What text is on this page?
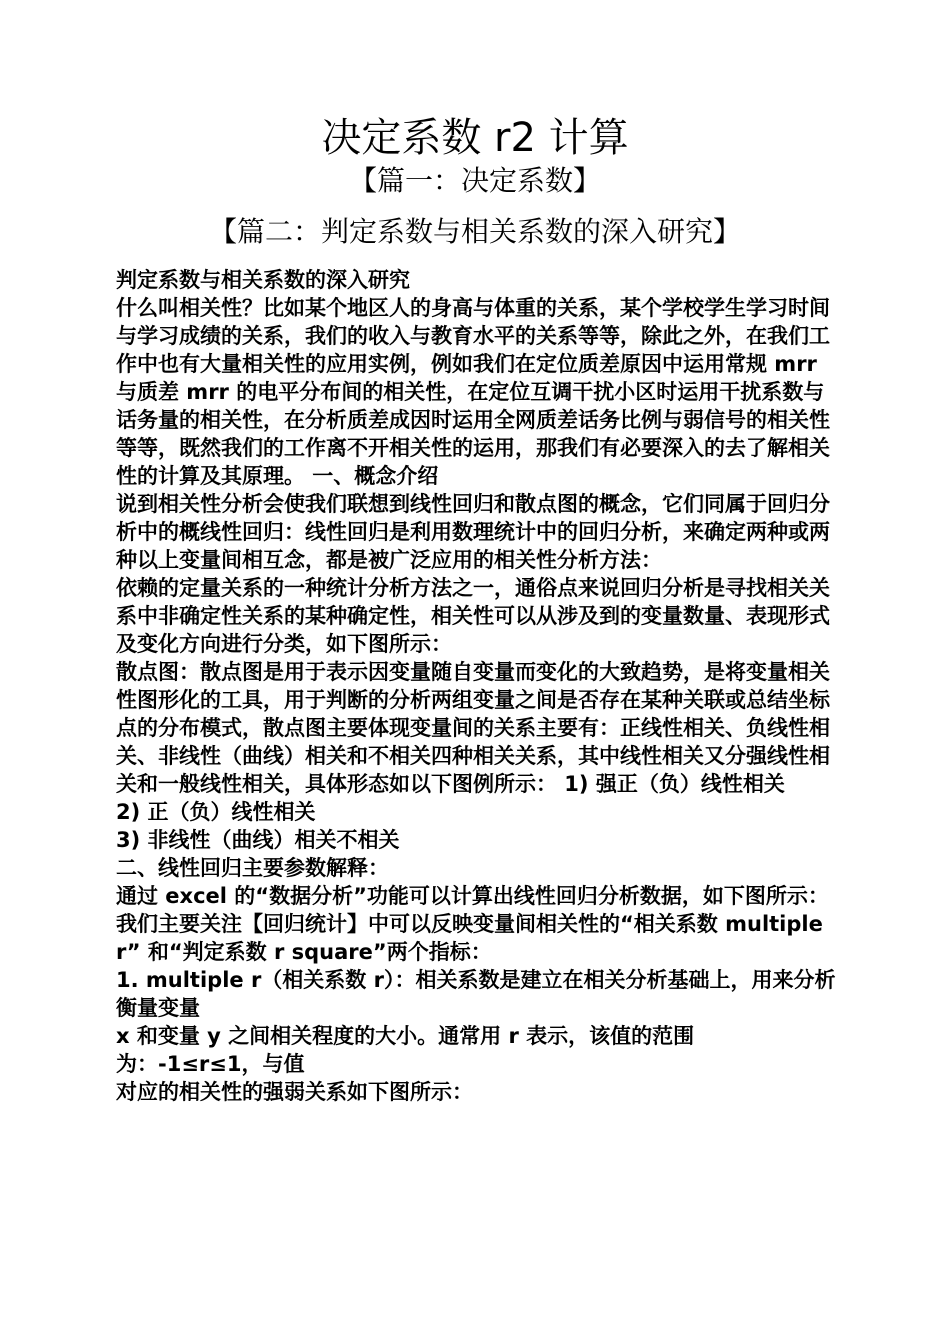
决定系数 r2 计算
【篇一：决定系数】
【篇二：判定系数与相关系数的深入研究】

判定系数与相关系数的深入研究

什么叫相关性？比如某个地区人的身高与体重的关系，某个学校学生学习时间与学习成绩的关系，我们的收入与教育水平的关系等等，除此之外，在我们工作中也有大量相关性的应用实例，例如我们在定位质差原因中运用常规 mrr 与质差 mrr 的电平分布间的相关性，在定位互调干扰小区时运用干扰系数与话务量的相关性，在分析质差成因时运用全网质差话务比例与弱信号的相关性等等，既然我们的工作离不开相关性的运用，那我们有必要深入的去了解相关性的计算及其原理。 一、概念介绍

说到相关性分析会使我们联想到线性回归和散点图的概念，它们同属于回归分析中的概线性回归：线性回归是利用数理统计中的回归分析，来确定两种或两种以上变量间相互念，都是被广泛应用的相关性分析方法：

依赖的定量关系的一种统计分析方法之一，通俗点来说回归分析是寻找相关关系中非确定性关系的某种确定性，相关性可以从涉及到的变量数量、表现形式及变化方向进行分类，如下图所示：

散点图：散点图是用于表示因变量随自变量而变化的大致趋势，是将变量相关性图形化的工具，用于判断的分析两组变量之间是否存在某种关联或总结坐标点的分布模式，散点图主要体现变量间的关系主要有：正线性相关、负线性相关、非线性（曲线）相关和不相关四种相关关系，其中线性相关又分强线性相关和一般线性相关，具体形态如以下图例所示： 1) 强正（负）线性相关

2) 正（负）线性相关

3) 非线性（曲线）相关不相关

二、线性回归主要参数解释：

通过 excel 的“数据分析”功能可以计算出线性回归分析数据，如下图所示：

我们主要关注【回归统计】中可以反映变量间相关性的“相关系数 multiple r” 和“判定系数 r square”两个指标：

1. multiple r（相关系数 r）：相关系数是建立在相关分析基础上，用来分析衡量变量

x 和变量 y 之间相关程度的大小。通常用 r 表示，该值的范围为：-1≤r≤1，与值

对应的相关性的强弱关系如下图所示：
